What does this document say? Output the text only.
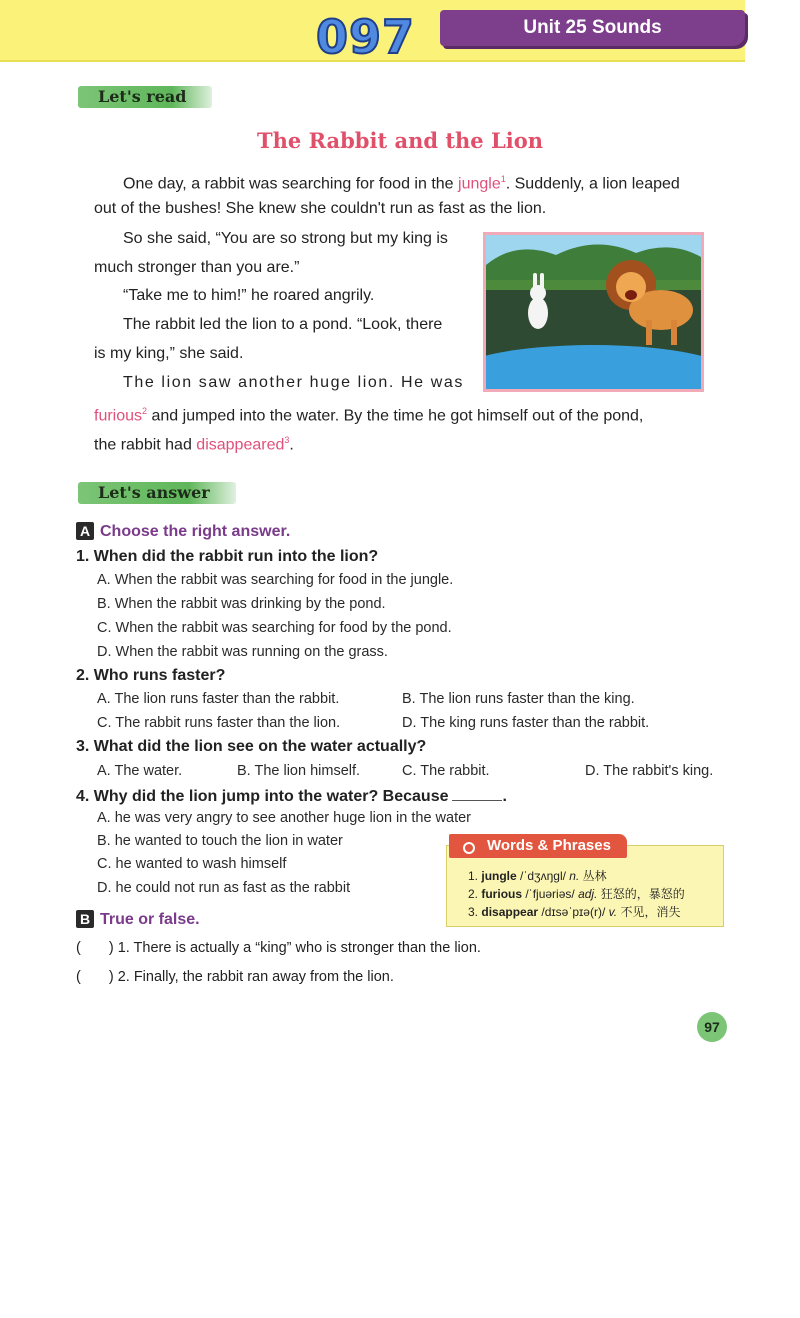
097	Unit 25 Sounds
Let's read
The Rabbit and the Lion
One day, a rabbit was searching for food in the jungle$^1$. Suddenly, a lion leaped
out of the bushes! She knew she couldn't run as fast as the lion.
So she said, “You are so strong but my king is
much stronger than you are.”
“Take me to him!” he roared angrily.
The rabbit led the lion to a pond. “Look, there
is my king,” she said.
The lion saw another huge lion. He was
furious$^2$ and jumped into the water. By the time he got himself out of the pond,
the rabbit had disappeared$^3$.
Let's answer
A Choose the right answer.
1. When did the rabbit run into the lion?
A. When the rabbit was searching for food in the jungle.
B. When the rabbit was drinking by the pond.
C. When the rabbit was searching for food by the pond.
D. When the rabbit was running on the grass.
2. Who runs faster?
A. The lion runs faster than the rabbit.	B. The lion runs faster than the king.
C. The rabbit runs faster than the lion.	D. The king runs faster than the rabbit.
3. What did the lion see on the water actually?
A. The water.	B. The lion himself.	C. The rabbit.	D. The rabbit's king.
4. Why did the lion jump into the water? Because	.
A. he was very angry to see another huge lion in the water
B. he wanted to touch the lion in water
C. he wanted to wash himself
D. he could not run as fast as the rabbit
Words & Phrases
1. jungle /ˈdʒʌŋgl/ n. 丛林
2. furious /ˈfjuəriəs/ adj. 狂怒的，暴怒的
3. disappear /dɪsəˈpɪə(r)/ v. 不见，消失
B True or false.
( ) 1. There is actually a “king” who is stronger than the lion.
( ) 2. Finally, the rabbit ran away from the lion.
97
